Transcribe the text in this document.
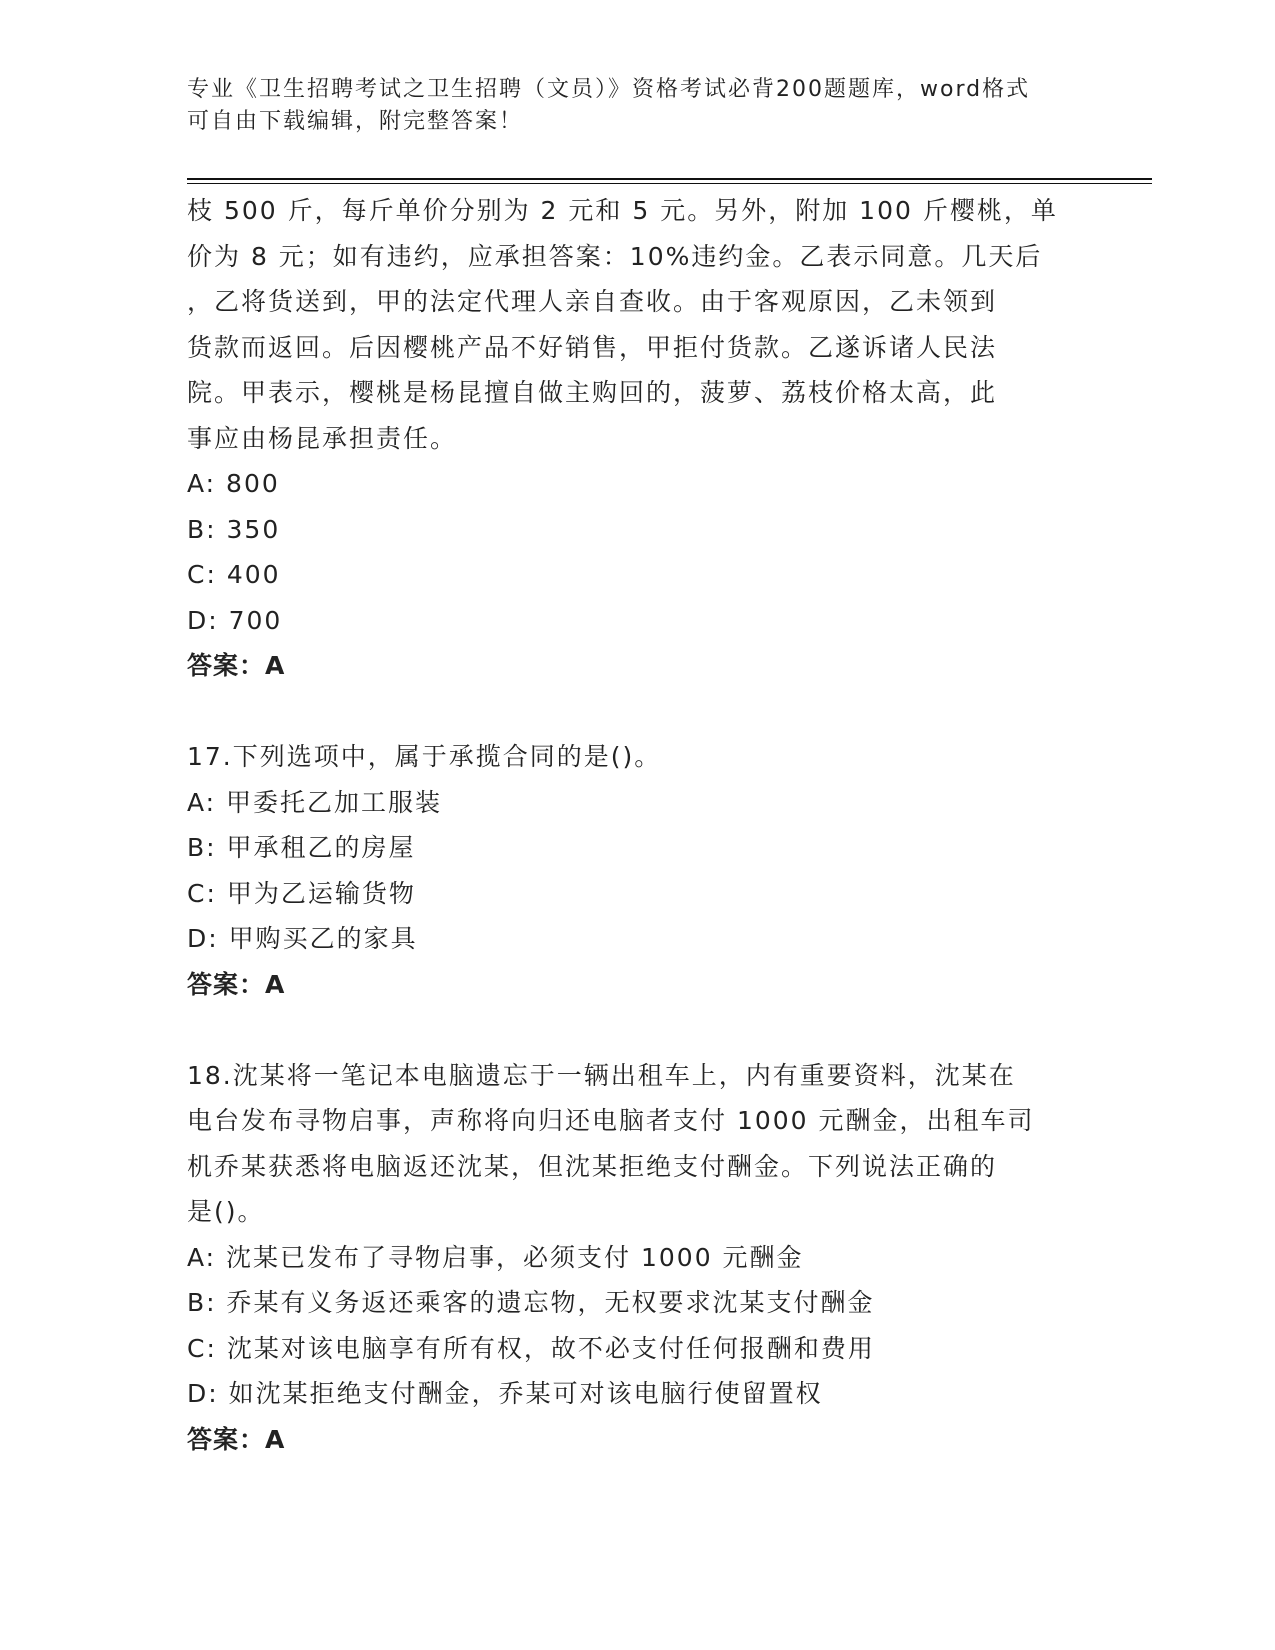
专业《卫生招聘考试之卫生招聘（文员）》资格考试必背200题题库，word格式
可自由下载编辑，附完整答案！
枝 500 斤，每斤单价分别为 2 元和 5 元。另外，附加 100 斤樱桃，单
价为 8 元；如有违约，应承担答案：10%违约金。乙表示同意。几天后
，乙将货送到，甲的法定代理人亲自查收。由于客观原因，乙未领到
货款而返回。后因樱桃产品不好销售，甲拒付货款。乙遂诉诸人民法
院。甲表示，樱桃是杨昆擅自做主购回的，菠萝、荔枝价格太高，此
事应由杨昆承担责任。
A: 800
B: 350
C: 400
D: 700
答案：A
17.下列选项中，属于承揽合同的是()。
A: 甲委托乙加工服装
B: 甲承租乙的房屋
C: 甲为乙运输货物
D: 甲购买乙的家具
答案：A
18.沈某将一笔记本电脑遗忘于一辆出租车上，内有重要资料，沈某在
电台发布寻物启事，声称将向归还电脑者支付 1000 元酬金，出租车司
机乔某获悉将电脑返还沈某，但沈某拒绝支付酬金。下列说法正确的
是()。
A: 沈某已发布了寻物启事，必须支付 1000 元酬金
B: 乔某有义务返还乘客的遗忘物，无权要求沈某支付酬金
C: 沈某对该电脑享有所有权，故不必支付任何报酬和费用
D: 如沈某拒绝支付酬金，乔某可对该电脑行使留置权
答案：A
